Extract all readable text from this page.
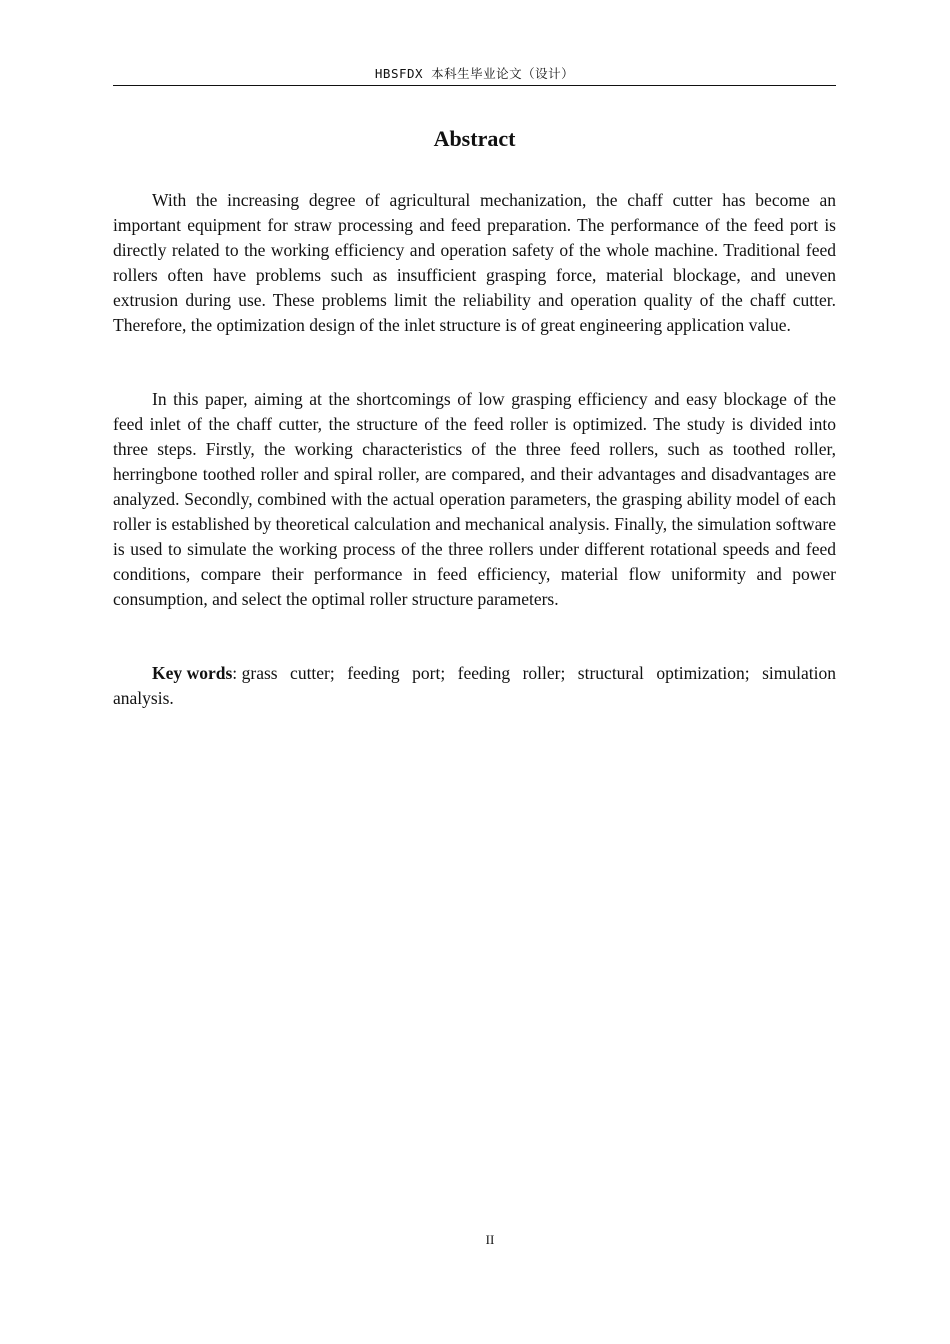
HBSFDX 本科生毕业论文（设计）
Abstract

With the increasing degree of agricultural mechanization, the chaff cutter has become an important equipment for straw processing and feed preparation. The performance of the feed port is directly related to the working efficiency and operation safety of the whole machine. Traditional feed rollers often have problems such as insufficient grasping force, material blockage, and uneven extrusion during use. These problems limit the reliability and operation quality of the chaff cutter. Therefore, the optimization design of the inlet structure is of great engineering application value.

In this paper, aiming at the shortcomings of low grasping efficiency and easy blockage of the feed inlet of the chaff cutter, the structure of the feed roller is optimized. The study is divided into three steps. Firstly, the working characteristics of the three feed rollers, such as toothed roller, herringbone toothed roller and spiral roller, are compared, and their advantages and disadvantages are analyzed. Secondly, combined with the actual operation parameters, the grasping ability model of each roller is established by theoretical calculation and mechanical analysis. Finally, the simulation software is used to simulate the working process of the three rollers under different rotational speeds and feed conditions, compare their performance in feed efficiency, material flow uniformity and power consumption, and select the optimal roller structure parameters.

Key words: grass cutter; feeding port; feeding roller; structural optimization; simulation analysis.

II
